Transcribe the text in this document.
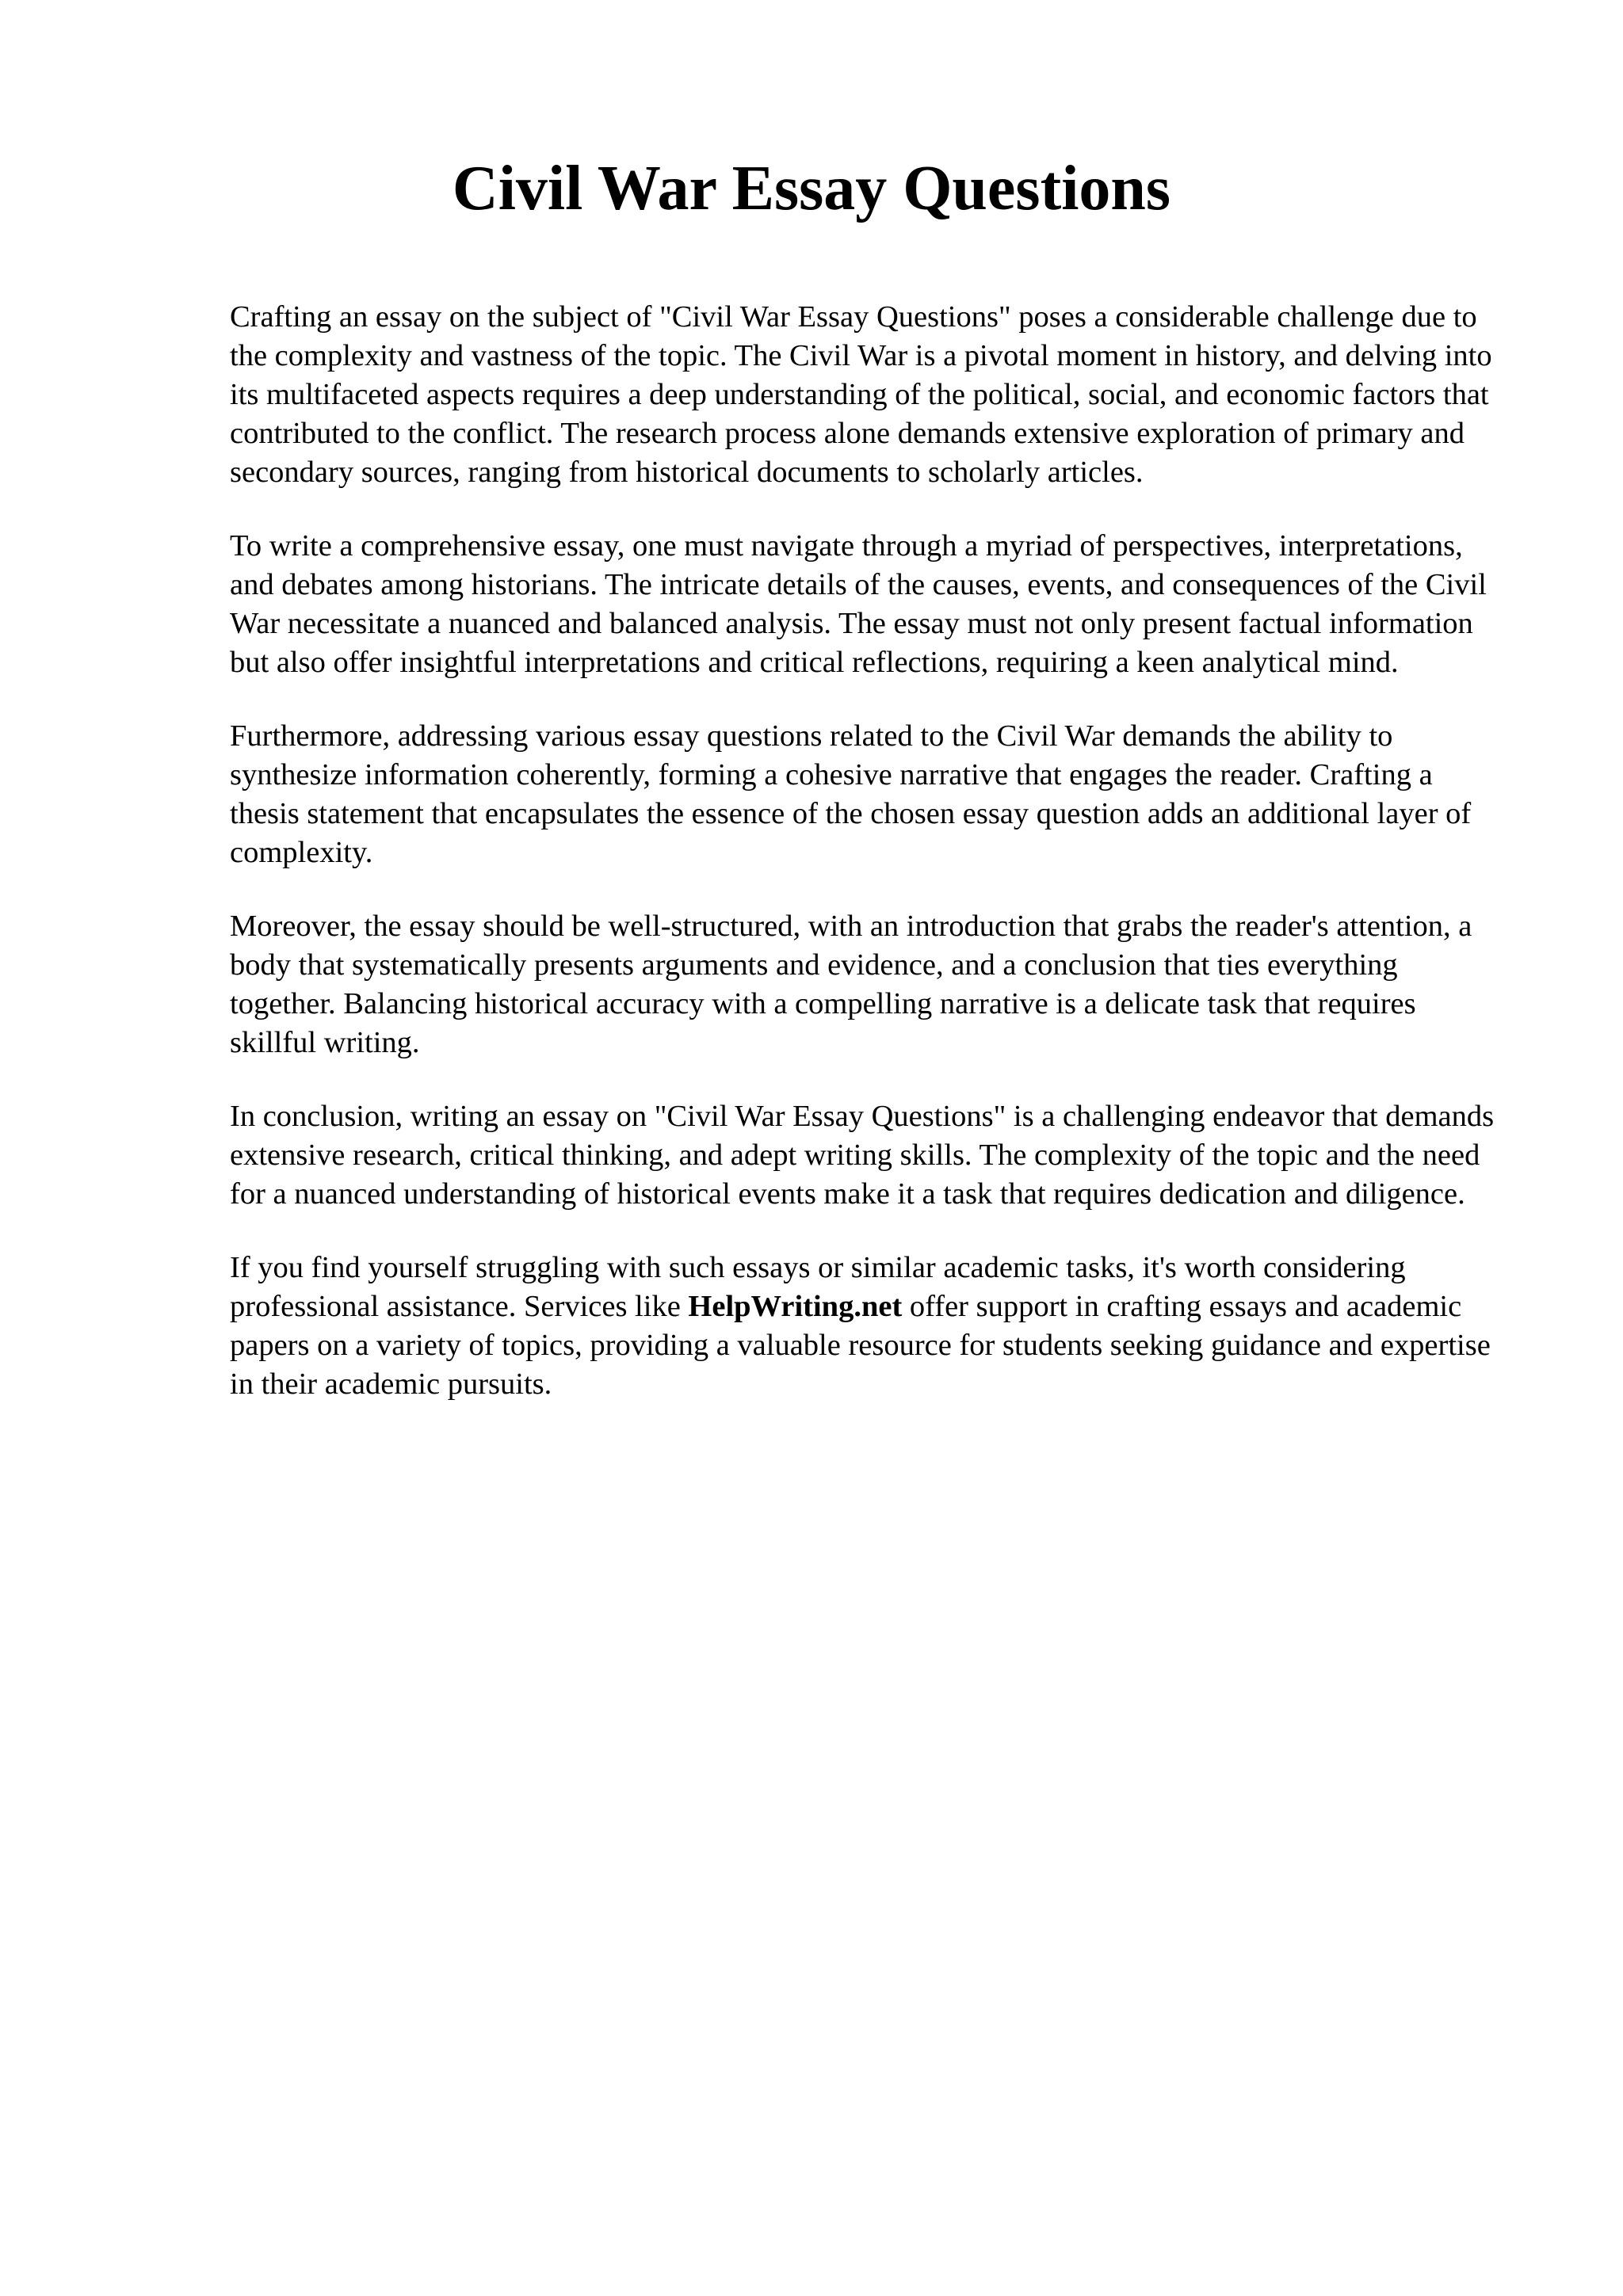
Civil War Essay Questions

Crafting an essay on the subject of "Civil War Essay Questions" poses a considerable challenge due to the complexity and vastness of the topic. The Civil War is a pivotal moment in history, and delving into its multifaceted aspects requires a deep understanding of the political, social, and economic factors that contributed to the conflict. The research process alone demands extensive exploration of primary and secondary sources, ranging from historical documents to scholarly articles.

To write a comprehensive essay, one must navigate through a myriad of perspectives, interpretations, and debates among historians. The intricate details of the causes, events, and consequences of the Civil War necessitate a nuanced and balanced analysis. The essay must not only present factual information but also offer insightful interpretations and critical reflections, requiring a keen analytical mind.

Furthermore, addressing various essay questions related to the Civil War demands the ability to synthesize information coherently, forming a cohesive narrative that engages the reader. Crafting a thesis statement that encapsulates the essence of the chosen essay question adds an additional layer of complexity.

Moreover, the essay should be well-structured, with an introduction that grabs the reader's attention, a body that systematically presents arguments and evidence, and a conclusion that ties everything together. Balancing historical accuracy with a compelling narrative is a delicate task that requires skillful writing.

In conclusion, writing an essay on "Civil War Essay Questions" is a challenging endeavor that demands extensive research, critical thinking, and adept writing skills. The complexity of the topic and the need for a nuanced understanding of historical events make it a task that requires dedication and diligence.

If you find yourself struggling with such essays or similar academic tasks, it's worth considering professional assistance. Services like HelpWriting.net offer support in crafting essays and academic papers on a variety of topics, providing a valuable resource for students seeking guidance and expertise in their academic pursuits.
